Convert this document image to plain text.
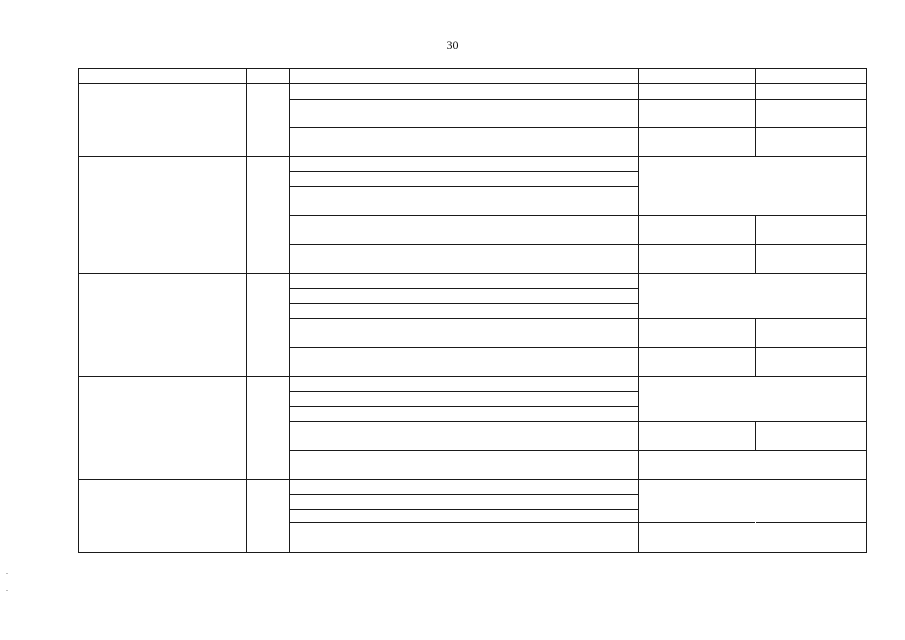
30
